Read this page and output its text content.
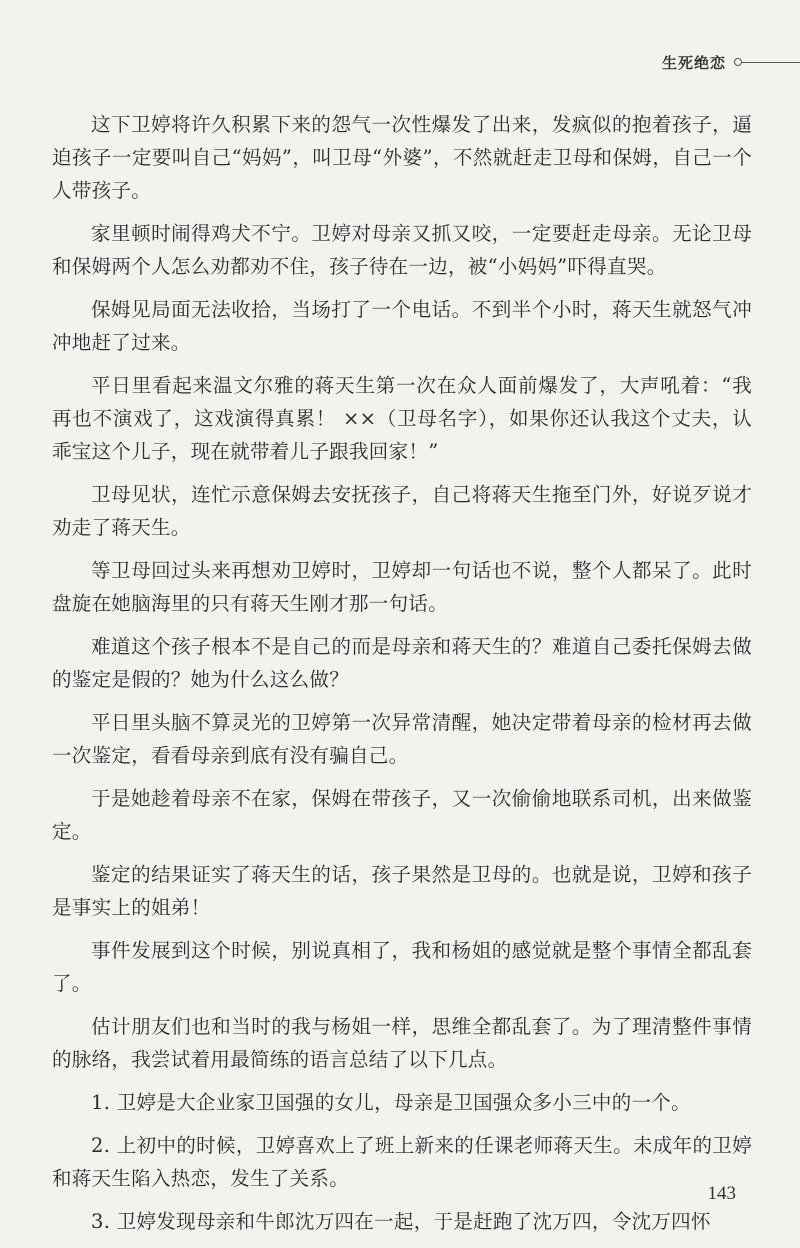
生死绝恋

这下卫婷将许久积累下来的怨气一次性爆发了出来，发疯似的抱着孩子，逼迫孩子一定要叫自己“妈妈”，叫卫母“外婆”，不然就赶走卫母和保姆，自己一个人带孩子。

家里顿时闹得鸡犬不宁。卫婷对母亲又抓又咬，一定要赶走母亲。无论卫母和保姆两个人怎么劝都劝不住，孩子待在一边，被“小妈妈”吓得直哭。

保姆见局面无法收拾，当场打了一个电话。不到半个小时，蒋天生就怒气冲冲地赶了过来。

平日里看起来温文尔雅的蒋天生第一次在众人面前爆发了，大声吼着：“我再也不演戏了，这戏演得真累！ ××（卫母名字），如果你还认我这个丈夫，认乖宝这个儿子，现在就带着儿子跟我回家！”

卫母见状，连忙示意保姆去安抚孩子，自己将蒋天生拖至门外，好说歹说才劝走了蒋天生。

等卫母回过头来再想劝卫婷时，卫婷却一句话也不说，整个人都呆了。此时盘旋在她脑海里的只有蒋天生刚才那一句话。

难道这个孩子根本不是自己的而是母亲和蒋天生的？难道自己委托保姆去做的鉴定是假的？她为什么这么做？

平日里头脑不算灵光的卫婷第一次异常清醒，她决定带着母亲的检材再去做一次鉴定，看看母亲到底有没有骗自己。

于是她趁着母亲不在家，保姆在带孩子，又一次偷偷地联系司机，出来做鉴定。

鉴定的结果证实了蒋天生的话，孩子果然是卫母的。也就是说，卫婷和孩子是事实上的姐弟！

事件发展到这个时候，别说真相了，我和杨姐的感觉就是整个事情全都乱套了。

估计朋友们也和当时的我与杨姐一样，思维全都乱套了。为了理清整件事情的脉络，我尝试着用最简练的语言总结了以下几点。

1. 卫婷是大企业家卫国强的女儿，母亲是卫国强众多小三中的一个。

2. 上初中的时候，卫婷喜欢上了班上新来的任课老师蒋天生。未成年的卫婷和蒋天生陷入热恋，发生了关系。

3. 卫婷发现母亲和牛郎沈万四在一起，于是赶跑了沈万四，令沈万四怀

143
